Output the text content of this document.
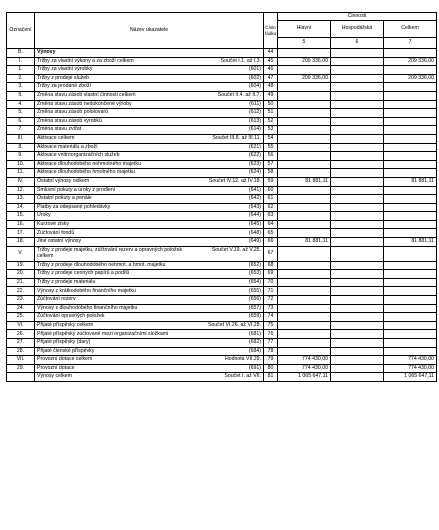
Označení	Název ukazatele	Číslo řádku	Činnosti		
			Hlavní	Hospodářská	Celkem
			5	6	7
B.	Výnosy	44			
I.	Tržby za vlastní výkony a za zboží celkem Součet I.1. až I.3.	45	209 336,00		209 336,00
1.	Tržby za vlastní výrobky (601)	46			
2.	Tržby z prodeje služeb (602)	47	209 336,00		209 336,00
3.	Tržby za prodané zboží (604)	48			
II.	Změna stavu zásob vlastní činnosti celkem Součet II.4. až II.7.	49			
4.	Změna stavu zásob nedokončené výroby (611)	50			
5.	Změna stavu zásob polotovarů (612)	51			
6.	Změna stavu zásob výrobků (613)	52			
7.	Změna stavu zvířat (614)	53			
III.	Aktivace celkem Součet III.8. až III.11.	54			
8.	Aktivace materiálu a zboží (621)	55			
9.	Aktivace vnitroorganizačních služeb (622)	56			
10.	Aktivace dlouhodobého nehmotného majetku (623)	57			
11.	Aktivace dlouhodobého hmotného majetku (624)	58			
IV.	Ostatní výnosy celkem Součet IV.12. až IV.18.	59	81 881,11		81 881,11
12.	Smluvní pokuty a úroky z prodlení (641)	60			
13.	Ostatní pokuty a penále (642)	61			
14.	Platby za odepsané pohledávky (643)	62			
15.	Úroky (644)	63			
16.	Kurzové zisky (645)	64			
17.	Zúčtování fondů (648)	65			
18.	Jiné ostatní výnosy (649)	66	81 881,11		81 881,11
V.	Tržby z prodeje majetku, zúčtování rezerv a opravných položek celkem
Součet V.19. až V.25.	67			
19.	Tržby z prodeje dlouhodobého nehmot. a hmot. majetku (652)	68			
20.	Tržby z prodeje cenných papírů a podílů (653)	69			
21.	Tržby z prodeje materiálu (654)	70			
22.	Výnosy z krátkodobého finančního majetku (655)	71			
23.	Zúčtování rezerv (656)	72			
24.	Výnosy z dlouhodobého finančního majetku (657)	73			
25.	Zúčtování opravných položek (659)	74			
VI.	Přijaté příspěvky celkem Součet VI.26. až VI.28.	75			
26.	Přijaté příspěvky zúčtované mezi organizačními složkami (681)	76			
27.	Přijaté příspěvky (dary) (682)	77			
28.	Přijaté členské příspěvky (684)	78			
VII.	Provozní dotace celkem Hodnota VII.29.	79	774 430,00		774 430,00
29.	Provozní dotace (691)	80	774 430,00		774 430,00

	Výnosy celkem Součet I. až VII.	81	1 065 647,11		1 065 647,11
